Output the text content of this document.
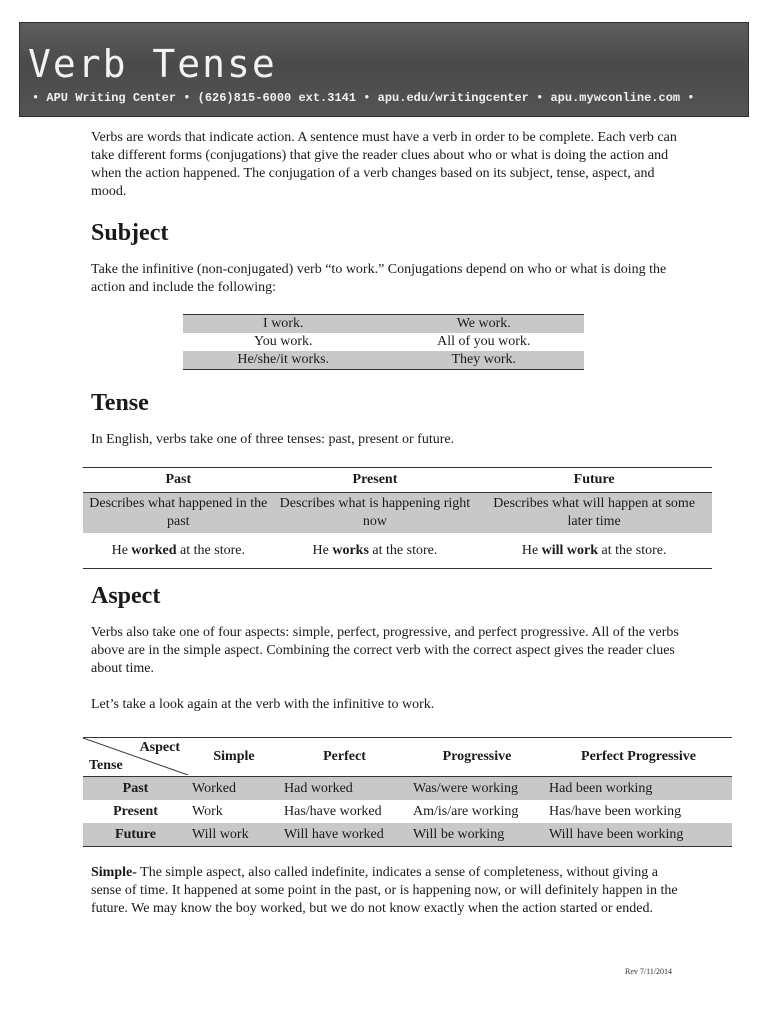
Verb Tense
• APU Writing Center • (626)815-6000 ext.3141 • apu.edu/writingcenter • apu.mywconline.com •

Verbs are words that indicate action. A sentence must have a verb in order to be complete. Each verb can take different forms (conjugations) that give the reader clues about who or what is doing the action and when the action happened. The conjugation of a verb changes based on its subject, tense, aspect, and mood.

Subject

Take the infinitive (non-conjugated) verb “to work.” Conjugations depend on who or what is doing the action and include the following:

I work.	We work.
You work.	All of you work.
He/she/it works.	They work.
Tense

In English, verbs take one of three tenses: past, present or future.

Past	Present	Future
Describes what happened in the past	Describes what is happening right now	Describes what will happen at some later time
He worked at the store.	He works at the store.	He will work at the store.
Aspect

Verbs also take one of four aspects: simple, perfect, progressive, and perfect progressive. All of the verbs above are in the simple aspect. Combining the correct verb with the correct aspect gives the reader clues about time.

Let’s take a look again at the verb with the infinitive to work.

Aspect
Tense	Simple	Perfect	Progressive	Perfect Progressive
Past	Worked	Had worked	Was/were working	Had been working
Present	Work	Has/have worked	Am/is/are working	Has/have been working
Future	Will work	Will have worked	Will be working	Will have been working

Simple- The simple aspect, also called indefinite, indicates a sense of completeness, without giving a sense of time. It happened at some point in the past, or is happening now, or will definitely happen in the future. We may know the boy worked, but we do not know exactly when the action started or ended.

Rev 7/11/2014
